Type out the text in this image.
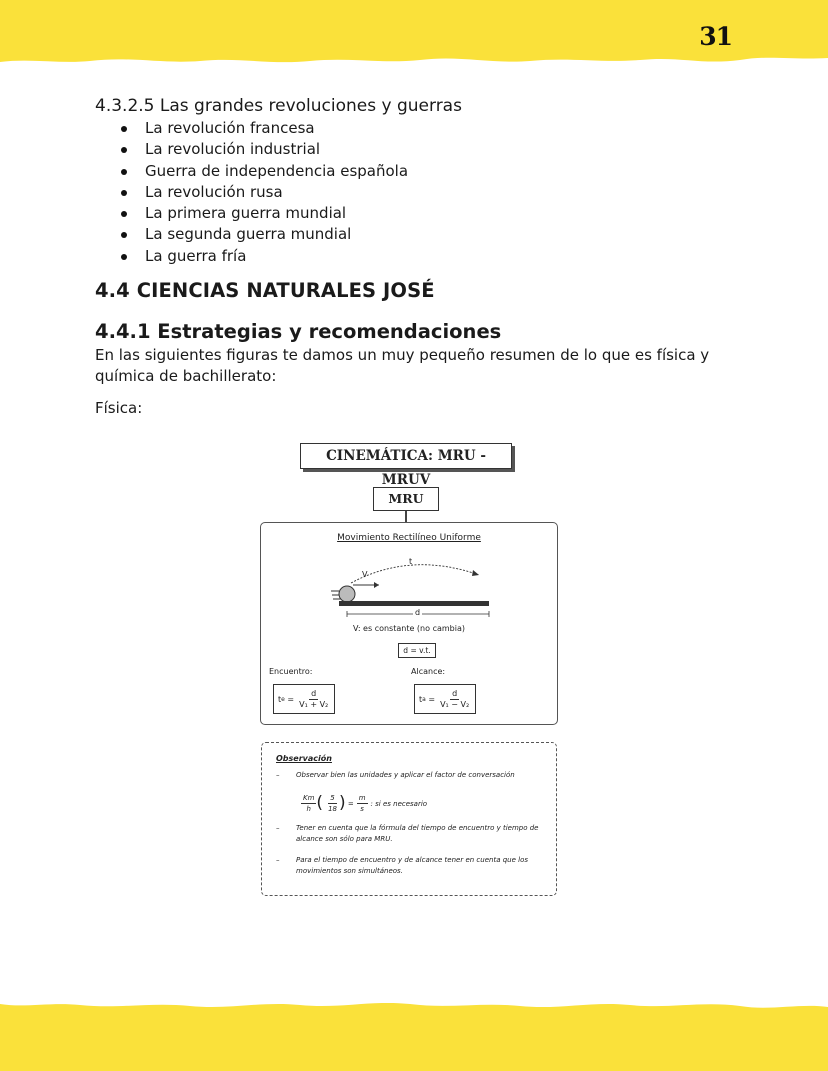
31
4.3.2.5 Las grandes revoluciones y guerras
La revolución francesa
La revolución industrial
Guerra de independencia española
La revolución rusa
La primera guerra mundial
La segunda guerra mundial
La guerra fría
4.4 CIENCIAS NATURALES JOSÉ
4.4.1 Estrategias y recomendaciones

En las siguientes figuras te damos un muy pequeño resumen de lo que es física y química de bachillerato:

Física:

CINEMÁTICA: MRU - MRUV
MRU
Movimiento Rectilíneo Uniforme
t
V
d
V: es constante (no cambia)
d = v.t.
Encuentro:	Alcance:
t $e = \frac{d}{\text{V₁ + V₂}}$	t $a = \frac{d}{\text{V₁ − V₂}}$
Observación
–	Observar bien las unidades y aplicar el factor de conversación
$\frac{Km}{h}$ ( $\frac{5}{18}$ ) = $\frac{m}{s}$ : si es necesario
–	Tener en cuenta que la fórmula del tiempo de encuentro y tiempo de alcance son sólo para MRU.
–	Para el tiempo de encuentro y de alcance tener en cuenta que los movimientos son simultáneos.
